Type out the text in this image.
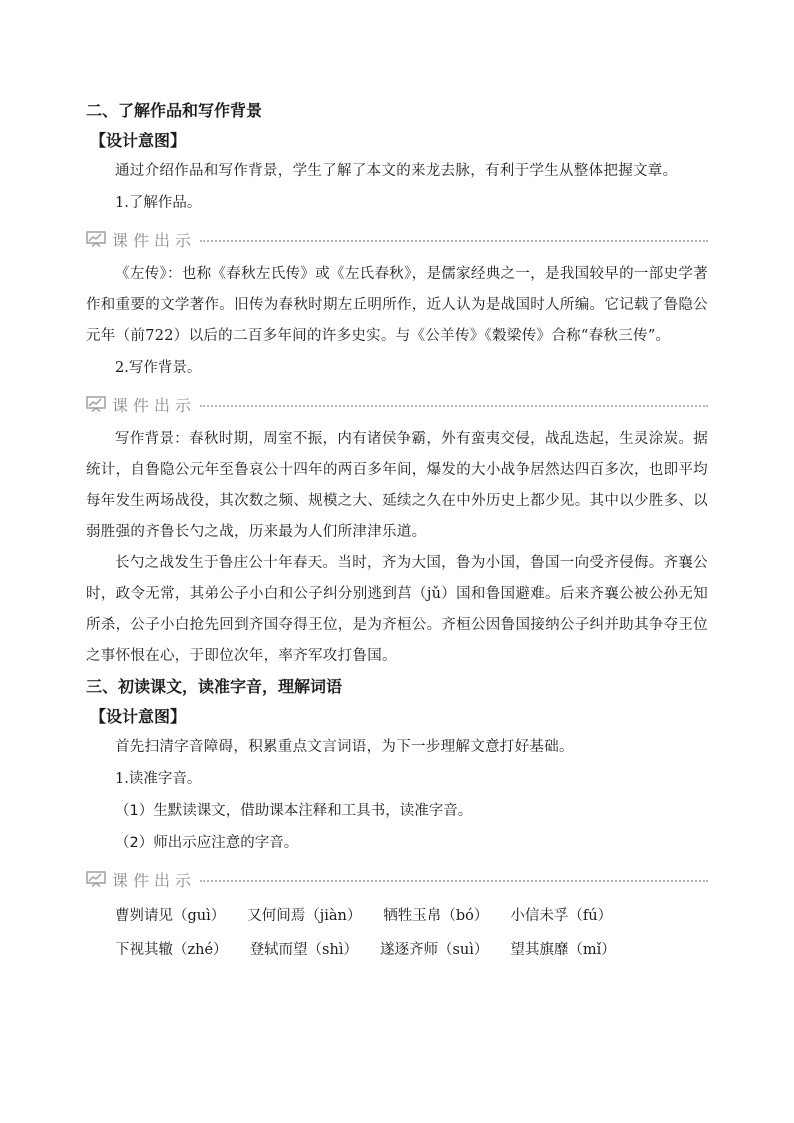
二、了解作品和写作背景

【设计意图】

通过介绍作品和写作背景，学生了解了本文的来龙去脉，有利于学生从整体把握文章。

1.了解作品。

课件出示

《左传》：也称《春秋左氏传》或《左氏春秋》，是儒家经典之一，是我国较早的一部史学著作和重要的文学著作。旧传为春秋时期左丘明所作，近人认为是战国时人所编。它记载了鲁隐公元年（前722）以后的二百多年间的许多史实。与《公羊传》《穀梁传》合称“春秋三传”。

2.写作背景。

课件出示

写作背景：春秋时期，周室不振，内有诸侯争霸，外有蛮夷交侵，战乱迭起，生灵涂炭。据统计，自鲁隐公元年至鲁哀公十四年的两百多年间，爆发的大小战争居然达四百多次，也即平均每年发生两场战役，其次数之频、规模之大、延续之久在中外历史上都少见。其中以少胜多、以弱胜强的齐鲁长勺之战，历来最为人们所津津乐道。

长勺之战发生于鲁庄公十年春天。当时，齐为大国，鲁为小国，鲁国一向受齐侵侮。齐襄公时，政令无常，其弟公子小白和公子纠分别逃到莒（jǔ）国和鲁国避难。后来齐襄公被公孙无知所杀，公子小白抢先回到齐国夺得王位，是为齐桓公。齐桓公因鲁国接纳公子纠并助其争夺王位之事怀恨在心，于即位次年，率齐军攻打鲁国。

三、初读课文，读准字音，理解词语

【设计意图】

首先扫清字音障碍，积累重点文言词语，为下一步理解文意打好基础。

1.读准字音。

（1）生默读课文，借助课本注释和工具书，读准字音。

（2）师出示应注意的字音。

课件出示
曹刿请见（guì） 又何间焉（jiàn） 牺牲玉帛（bó） 小信未孚（fú）
下视其辙（zhé） 登轼而望（shì） 遂逐齐师（suì） 望其旗靡（mǐ）
